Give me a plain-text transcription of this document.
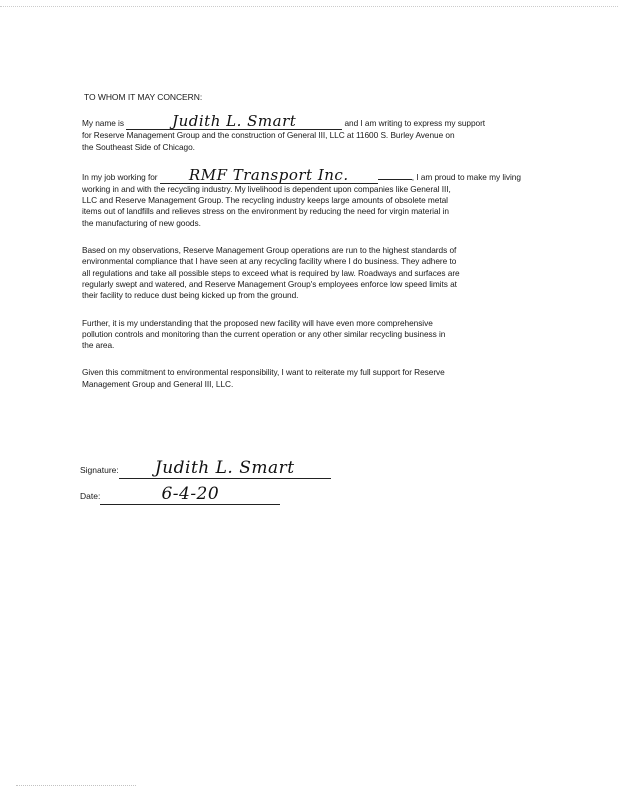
TO WHOM IT MAY CONCERN:
My name is	Judith L. Smart	and I am writing to express my support
for Reserve Management Group and the construction of General III, LLC at 11600 S. Burley Avenue on
the Southeast Side of Chicago.
In my job working for RMF Transport Inc.	, I am proud to make my living
working in and with the recycling industry. My livelihood is dependent upon companies like General III,
LLC and Reserve Management Group. The recycling industry keeps large amounts of obsolete metal
items out of landfills and relieves stress on the environment by reducing the need for virgin material in
the manufacturing of new goods.
Based on my observations, Reserve Management Group operations are run to the highest standards of
environmental compliance that I have seen at any recycling facility where I do business. They adhere to
all regulations and take all possible steps to exceed what is required by law. Roadways and surfaces are
regularly swept and watered, and Reserve Management Group's employees enforce low speed limits at
their facility to reduce dust being kicked up from the ground.
Further, it is my understanding that the proposed new facility will have even more comprehensive
pollution controls and monitoring than the current operation or any other similar recycling business in
the area.
Given this commitment to environmental responsibility, I want to reiterate my full support for Reserve
Management Group and General III, LLC.
Signature: Judith L. Smart
Date:	6-4-20
